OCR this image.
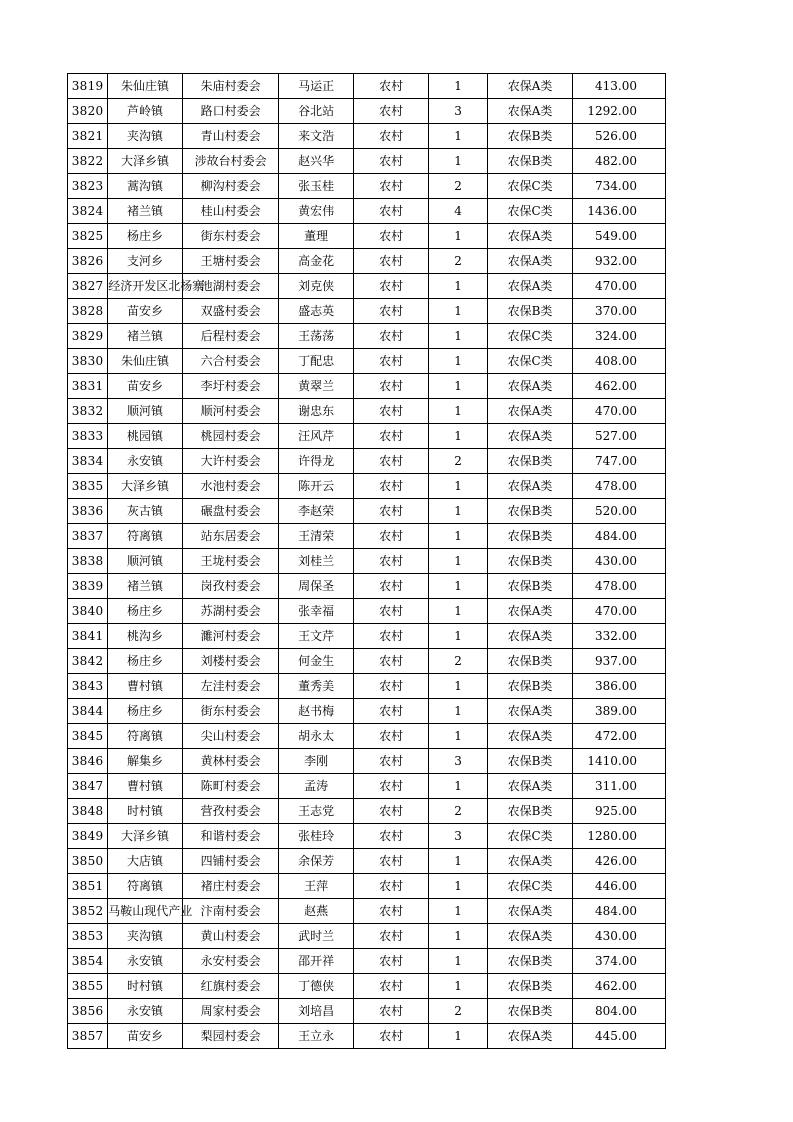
3819	朱仙庄镇	朱庙村委会	马运正	农村	1	农保A类	413.00
3820	芦岭镇	路口村委会	谷北站	农村	3	农保A类	1292.00
3821	夹沟镇	青山村委会	来文浩	农村	1	农保B类	526.00
3822	大泽乡镇	涉故台村委会	赵兴华	农村	1	农保B类	482.00
3823	蒿沟镇	柳沟村委会	张玉桂	农村	2	农保C类	734.00
3824	褚兰镇	桂山村委会	黄宏伟	农村	4	农保C类	1436.00
3825	杨庄乡	街东村委会	董理	农村	1	农保A类	549.00
3826	支河乡	王塘村委会	高金花	农村	2	农保A类	932.00
3827	经济开发区北杨寨	池湖村委会	刘克侠	农村	1	农保A类	470.00
3828	苗安乡	双盛村委会	盛志英	农村	1	农保B类	370.00
3829	褚兰镇	后程村委会	王荡荡	农村	1	农保C类	324.00
3830	朱仙庄镇	六合村委会	丁配忠	农村	1	农保C类	408.00
3831	苗安乡	李圩村委会	黄翠兰	农村	1	农保A类	462.00
3832	顺河镇	顺河村委会	谢忠东	农村	1	农保A类	470.00
3833	桃园镇	桃园村委会	汪风芹	农村	1	农保A类	527.00
3834	永安镇	大许村委会	许得龙	农村	2	农保B类	747.00
3835	大泽乡镇	水池村委会	陈开云	农村	1	农保A类	478.00
3836	灰古镇	碾盘村委会	李赵荣	农村	1	农保B类	520.00
3837	符离镇	站东居委会	王清荣	农村	1	农保B类	484.00
3838	顺河镇	王垅村委会	刘桂兰	农村	1	农保B类	430.00
3839	褚兰镇	岗孜村委会	周保圣	农村	1	农保B类	478.00
3840	杨庄乡	苏湖村委会	张幸福	农村	1	农保A类	470.00
3841	桃沟乡	濉河村委会	王文芹	农村	1	农保A类	332.00
3842	杨庄乡	刘楼村委会	何金生	农村	2	农保B类	937.00
3843	曹村镇	左洼村委会	董秀美	农村	1	农保B类	386.00
3844	杨庄乡	街东村委会	赵书梅	农村	1	农保A类	389.00
3845	符离镇	尖山村委会	胡永太	农村	1	农保A类	472.00
3846	解集乡	黄林村委会	李刚	农村	3	农保B类	1410.00
3847	曹村镇	陈町村委会	孟涛	农村	1	农保A类	311.00
3848	时村镇	营孜村委会	王志党	农村	2	农保B类	925.00
3849	大泽乡镇	和谐村委会	张桂玲	农村	3	农保C类	1280.00
3850	大店镇	四铺村委会	余保芳	农村	1	农保A类	426.00
3851	符离镇	褚庄村委会	王萍	农村	1	农保C类	446.00
3852	马鞍山现代产业	汴南村委会	赵燕	农村	1	农保A类	484.00
3853	夹沟镇	黄山村委会	武时兰	农村	1	农保A类	430.00
3854	永安镇	永安村委会	邵开祥	农村	1	农保B类	374.00
3855	时村镇	红旗村委会	丁德侠	农村	1	农保B类	462.00
3856	永安镇	周家村委会	刘培昌	农村	2	农保B类	804.00
3857	苗安乡	梨园村委会	王立永	农村	1	农保A类	445.00
